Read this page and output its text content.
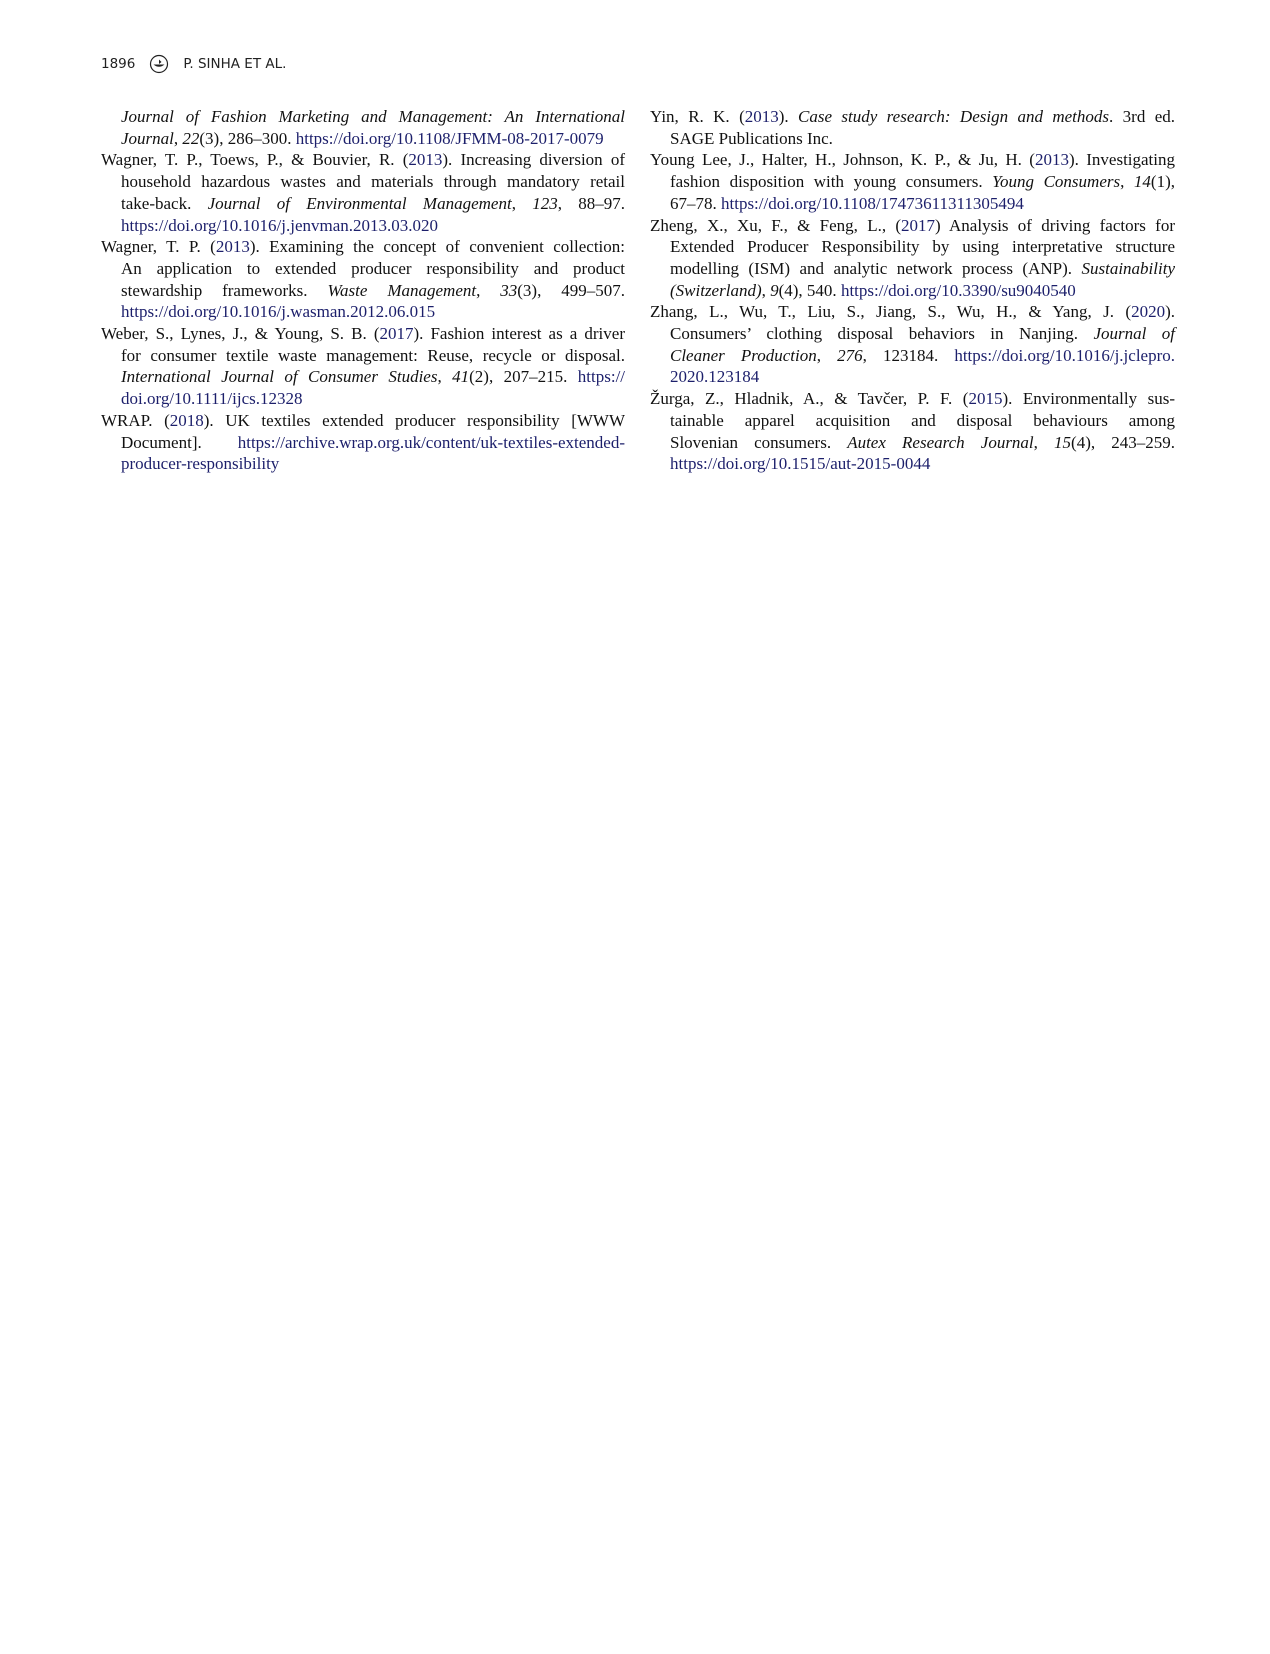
1896	P. SINHA ET AL.
Journal of Fashion Marketing and Management: An International
Journal, 22(3), 286–300. https://doi.org/10.1108/JFMM-08-2017-0079
Wagner, T. P., Toews, P., & Bouvier, R. (2013). Increasing diversion of
household hazardous wastes and materials through mandatory retail
take-back. Journal of Environmental Management, 123, 88–97.
https://doi.org/10.1016/j.jenvman.2013.03.020
Wagner, T. P. (2013). Examining the concept of convenient collection:
An application to extended producer responsibility and product
stewardship frameworks. Waste Management, 33(3), 499–507.
https://doi.org/10.1016/j.wasman.2012.06.015
Weber, S., Lynes, J., & Young, S. B. (2017). Fashion interest as a driver
for consumer textile waste management: Reuse, recycle or disposal.
International Journal of Consumer Studies, 41(2), 207–215. https://
doi.org/10.1111/ijcs.12328
WRAP. (2018). UK textiles extended producer responsibility [WWW
Document]. https://archive.wrap.org.uk/content/uk-textiles-extended-
producer-responsibility
Yin, R. K. (2013). Case study research: Design and methods. 3rd ed.
SAGE Publications Inc.
Young Lee, J., Halter, H., Johnson, K. P., & Ju, H. (2013). Investigating
fashion disposition with young consumers. Young Consumers, 14(1),
67–78. https://doi.org/10.1108/17473611311305494
Zheng, X., Xu, F., & Feng, L., (2017) Analysis of driving factors for
Extended Producer Responsibility by using interpretative structure
modelling (ISM) and analytic network process (ANP). Sustainability
(Switzerland), 9(4), 540. https://doi.org/10.3390/su9040540
Zhang, L., Wu, T., Liu, S., Jiang, S., Wu, H., & Yang, J. (2020).
Consumers’ clothing disposal behaviors in Nanjing. Journal of
Cleaner Production, 276, 123184. https://doi.org/10.1016/j.jclepro.
2020.123184
Žurga, Z., Hladnik, A., & Tavčer, P. F. (2015). Environmentally sus-
tainable apparel acquisition and disposal behaviours among
Slovenian consumers. Autex Research Journal, 15(4), 243–259.
https://doi.org/10.1515/aut-2015-0044
